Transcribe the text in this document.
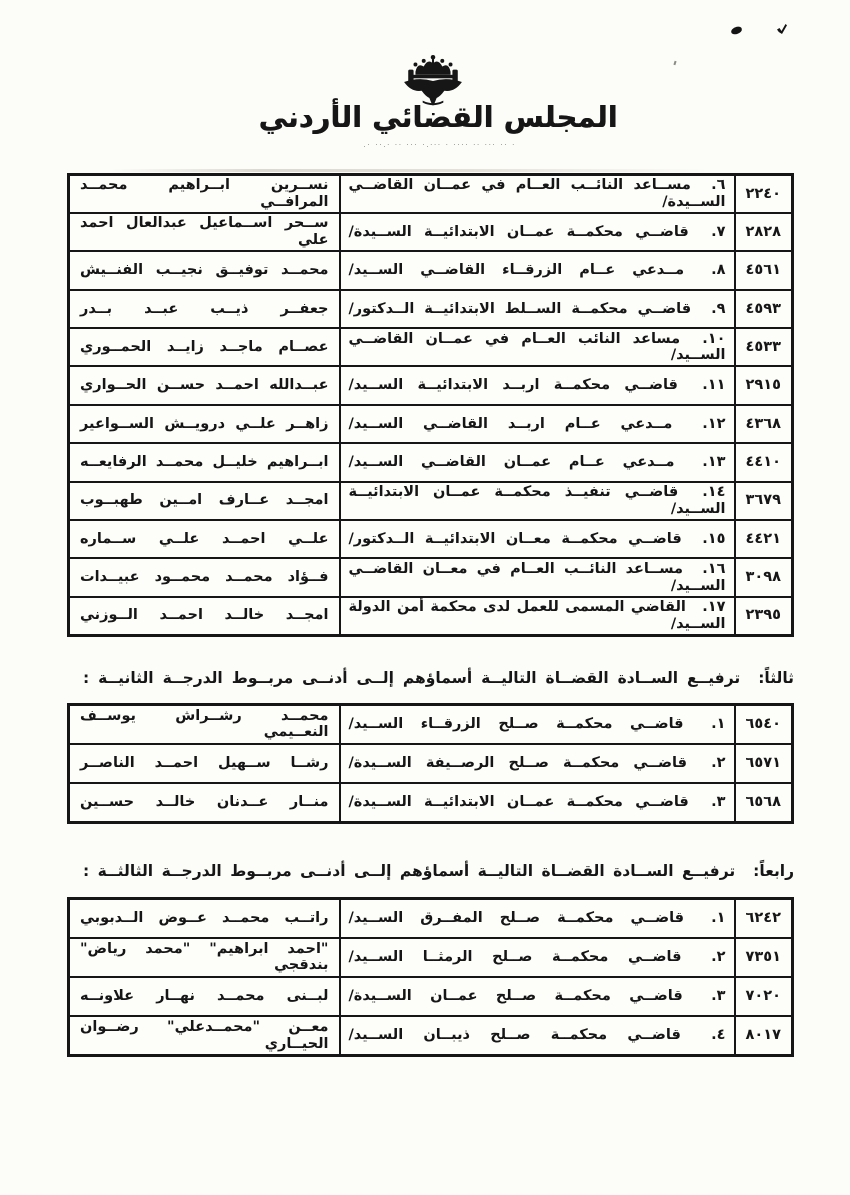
المجلس القضائي الأردني
.· ··.· ·· ··· ·.··· · ···· ·· ··· ·· ·
٢٢٤٠	٦. مســاعد النائــب العــام في عمــان القاضــي الســيدة/	نســرين ابــراهيم محمــد المرافــي
٢٨٢٨	٧. قاضــي محكمــة عمــان الابتدائيــة الســيدة/	ســحر اســماعيل عبدالعال احمد علي
٤٥٦١	٨. مــدعي عــام الزرقــاء القاضــي الســيد/	محمــد توفيــق نجيــب الفنــيش
٤٥٩٣	٩. قاضــي محكمــة الســلط الابتدائيــة الــدكتور/	جعفــر ذيــب عبــد بــدر
٤٥٣٣	١٠. مساعد النائب العــام في عمــان القاضــي الســيد/	عصــام ماجــد زايــد الحمــوري
٢٩١٥	١١. قاضــي محكمــة اربــد الابتدائيــة الســيد/	عبــدالله احمــد حســن الحــواري
٤٣٦٨	١٢. مــدعي عــام اربــد القاضــي الســيد/	زاهــر علــي درويــش الســواعير
٤٤١٠	١٣. مــدعي عــام عمــان القاضــي الســيد/	ابــراهيم خليــل محمــد الرفايعــه
٣٦٧٩	١٤. قاضــي تنفيــذ محكمــة عمــان الابتدائيــة الســيد/	امجــد عــارف امــين طهبــوب
٤٤٢١	١٥. قاضــي محكمــة معــان الابتدائيــة الــدكتور/	علــي احمــد علــي ســماره
٣٠٩٨	١٦. مســاعد النائــب العــام في معــان القاضــي الســيد/	فــؤاد محمــد محمــود عبيــدات
٢٣٩٥	١٧. القاضي المسمى للعمل لدى محكمة أمن الدولة الســيد/	امجــد خالــد احمــد الــوزني
ثالثاً:
ترفيــع الســادة القضــاة التاليــة أسماؤهم إلــى أدنــى مربــوط الدرجــة الثانيــة :
٦٥٤٠	١. قاضــي محكمــة صــلح الزرقــاء الســيد/	محمــد رشــراش يوســف النعــيمي
٦٥٧١	٢. قاضــي محكمــة صــلح الرصــيفة الســيدة/	رشــا ســهيل احمــد الناصــر
٦٥٦٨	٣. قاضــي محكمــة عمــان الابتدائيــة الســيدة/	منــار عــدنان خالــد حســين
رابعاً:
ترفيــع الســادة القضــاة التاليــة أسماؤهم إلــى أدنــى مربــوط الدرجــة الثالثــة :
٦٢٤٢	١. قاضــي محكمــة صــلح المفــرق الســيد/	راتــب محمــد عــوض الــدبوبي
٧٣٥١	٢. قاضــي محكمــة صــلح الرمثــا الســيد/	"احمد ابراهيم" "محمد رياض" بندقجي
٧٠٢٠	٣. قاضــي محكمــة صــلح عمــان الســيدة/	لبــنى محمــد نهــار علاونــه
٨٠١٧	٤. قاضــي محكمــة صــلح ذيبــان الســيد/	معــن "محمــدعلي" رضــوان الحيــاري
